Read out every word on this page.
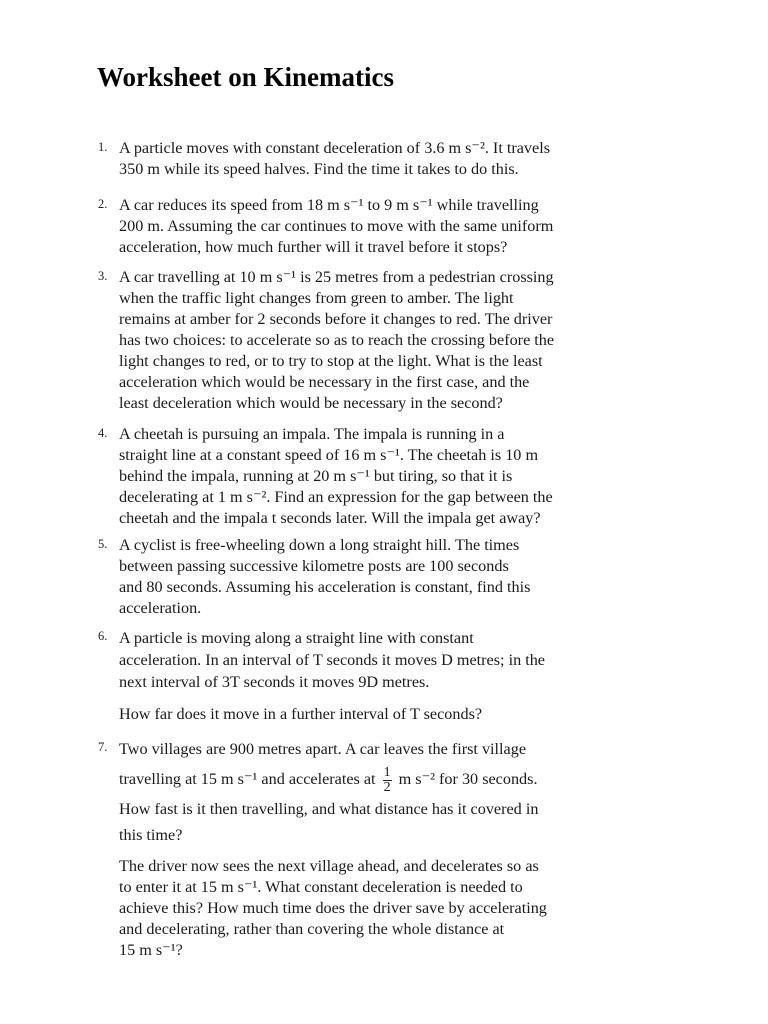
Worksheet on Kinematics
1. A particle moves with constant deceleration of 3.6 m s⁻². It travels
350 m while its speed halves. Find the time it takes to do this.
2. A car reduces its speed from 18 m s⁻¹ to 9 m s⁻¹ while travelling
200 m. Assuming the car continues to move with the same uniform
acceleration, how much further will it travel before it stops?
3. A car travelling at 10 m s⁻¹ is 25 metres from a pedestrian crossing
when the traffic light changes from green to amber. The light
remains at amber for 2 seconds before it changes to red. The driver
has two choices: to accelerate so as to reach the crossing before the
light changes to red, or to try to stop at the light. What is the least
acceleration which would be necessary in the first case, and the
least deceleration which would be necessary in the second?
4. A cheetah is pursuing an impala. The impala is running in a
straight line at a constant speed of 16 m s⁻¹. The cheetah is 10 m
behind the impala, running at 20 m s⁻¹ but tiring, so that it is
decelerating at 1 m s⁻². Find an expression for the gap between the
cheetah and the impala t seconds later. Will the impala get away?
5. A cyclist is free-wheeling down a long straight hill. The times
between passing successive kilometre posts are 100 seconds
and 80 seconds. Assuming his acceleration is constant, find this
acceleration.
6. A particle is moving along a straight line with constant
acceleration. In an interval of T seconds it moves D metres; in the
next interval of 3T seconds it moves 9D metres.
How far does it move in a further interval of T seconds?
7. Two villages are 900 metres apart. A car leaves the first village
travelling at 15 m s⁻¹ and accelerates at $\frac{1}{2}$ m s⁻² for 30 seconds.
How fast is it then travelling, and what distance has it covered in
this time?
The driver now sees the next village ahead, and decelerates so as
to enter it at 15 m s⁻¹. What constant deceleration is needed to
achieve this? How much time does the driver save by accelerating
and decelerating, rather than covering the whole distance at
15 m s⁻¹?
